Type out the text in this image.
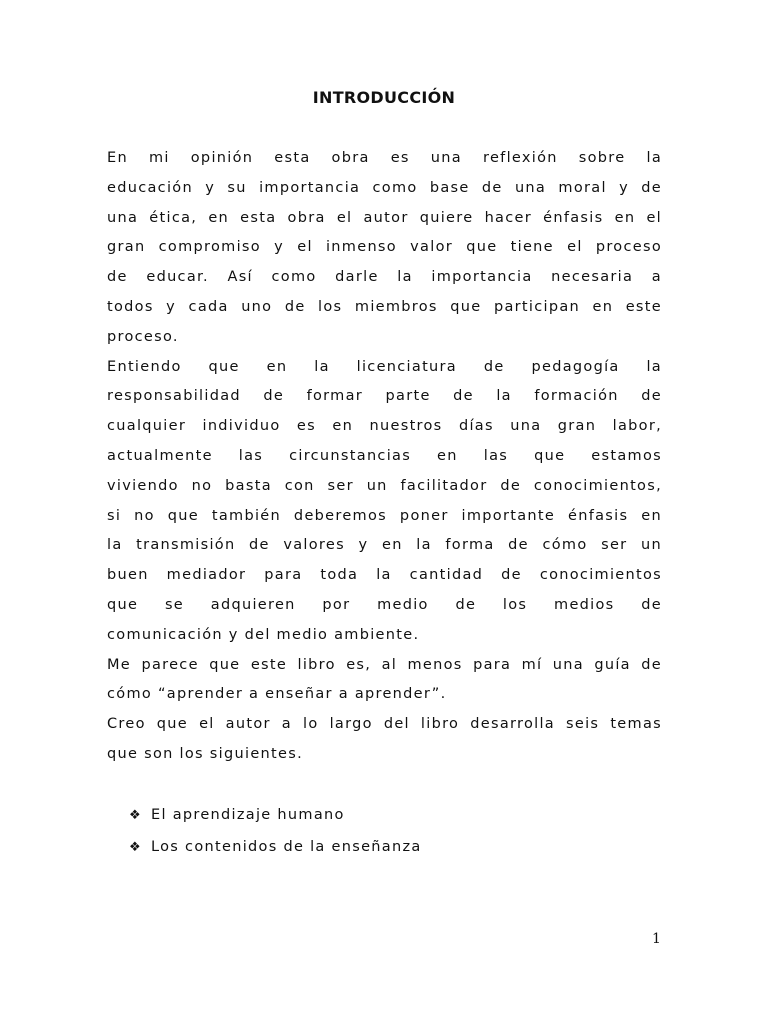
INTRODUCCIÓN
En mi opinión esta obra es una reflexión sobre la
educación y su importancia como base de una moral y de
una ética, en esta obra el autor quiere hacer énfasis en el
gran compromiso y el inmenso valor que tiene el proceso
de educar. Así como darle la importancia necesaria a
todos y cada uno de los miembros que participan en este
proceso.
Entiendo que en la licenciatura de pedagogía la
responsabilidad de formar parte de la formación de
cualquier individuo es en nuestros días una gran labor,
actualmente las circunstancias en las que estamos
viviendo no basta con ser un facilitador de conocimientos,
si no que también deberemos poner importante énfasis en
la transmisión de valores y en la forma de cómo ser un
buen mediador para toda la cantidad de conocimientos
que se adquieren por medio de los medios de
comunicación y del medio ambiente.
Me parece que este libro es, al menos para mí una guía de
cómo “aprender a enseñar a aprender”.
Creo que el autor a lo largo del libro desarrolla seis temas
que son los siguientes.
❖ El aprendizaje humano
❖ Los contenidos de la enseñanza
1
